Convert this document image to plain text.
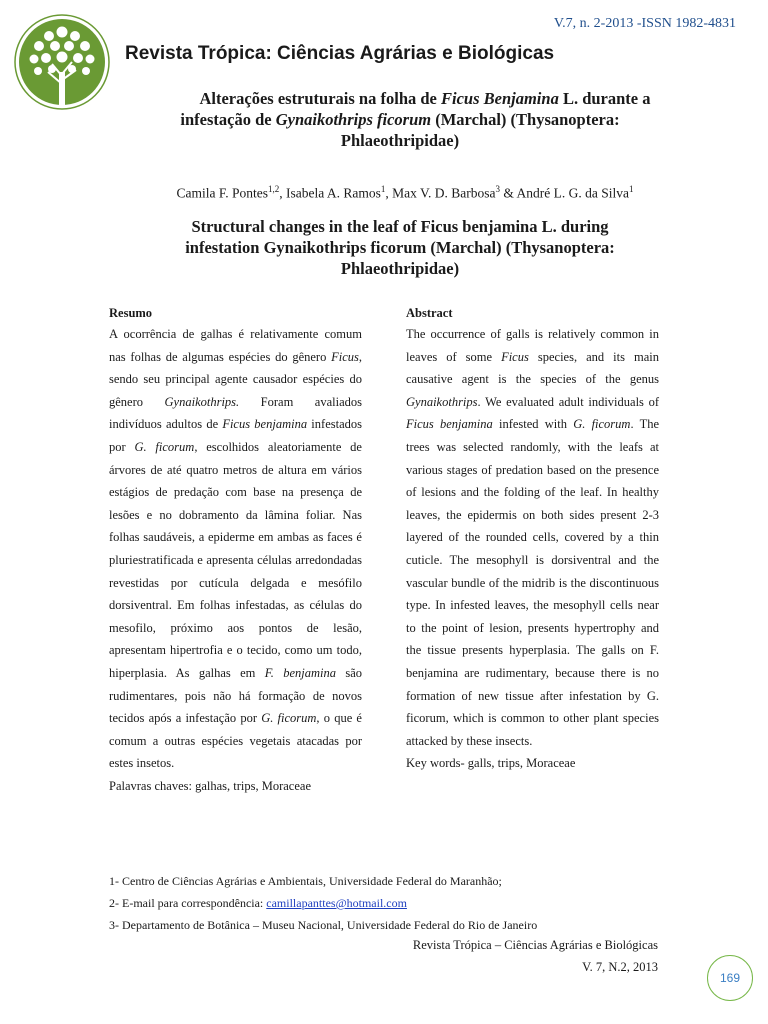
V.7, n. 2-2013 -ISSN 1982-4831
Revista Trópica: Ciências Agrárias e Biológicas
Alterações estruturais na folha de Ficus Benjamina L. durante a
infestação de Gynaikothrips ficorum (Marchal) (Thysanoptera:
Phlaeothripidae)
Camila F. Pontes$^{1,2}$, Isabela A. Ramos$^1$, Max V. D. Barbosa$^3$ & André L. G. da Silva$^1$
Structural changes in the leaf of Ficus benjamina L. during
infestation Gynaikothrips ficorum (Marchal) (Thysanoptera:
Phlaeothripidae)
Resumo

A ocorrência de galhas é relativamente comum nas folhas de algumas espécies do gênero Ficus, sendo seu principal agente causador espécies do gênero Gynaikothrips. Foram avaliados indivíduos adultos de Ficus benjamina infestados por G. ficorum, escolhidos aleatoriamente de árvores de até quatro metros de altura em vários estágios de predação com base na presença de lesões e no dobramento da lâmina foliar. Nas folhas saudáveis, a epiderme em ambas as faces é pluriestratificada e apresenta células arredondadas revestidas por cutícula delgada e mesófilo dorsiventral. Em folhas infestadas, as células do mesofilo, próximo aos pontos de lesão, apresentam hipertrofia e o tecido, como um todo, hiperplasia. As galhas em F. benjamina são rudimentares, pois não há formação de novos tecidos após a infestação por G. ficorum, o que é comum a outras espécies vegetais atacadas por estes insetos.

Palavras chaves: galhas, trips, Moraceae

Abstract

The occurrence of galls is relatively common in leaves of some Ficus species, and its main causative agent is the species of the genus Gynaikothrips. We evaluated adult individuals of Ficus benjamina infested with G. ficorum. The trees was selected randomly, with the leafs at various stages of predation based on the presence of lesions and the folding of the leaf. In healthy leaves, the epidermis on both sides present 2-3 layered of the rounded cells, covered by a thin cuticle. The mesophyll is dorsiventral and the vascular bundle of the midrib is the discontinuous type. In infested leaves, the mesophyll cells near to the point of lesion, presents hypertrophy and the tissue presents hyperplasia. The galls on F. benjamina are rudimentary, because there is no formation of new tissue after infestation by G. ficorum, which is common to other plant species attacked by these insects.

Key words- galls, trips, Moraceae

1- Centro de Ciências Agrárias e Ambientais, Universidade Federal do Maranhão;
2- E-mail para correspondência: camillapanttes@hotmail.com
3- Departamento de Botânica – Museu Nacional, Universidade Federal do Rio de Janeiro
Revista Trópica – Ciências Agrárias e Biológicas
V. 7, N.2, 2013
169
